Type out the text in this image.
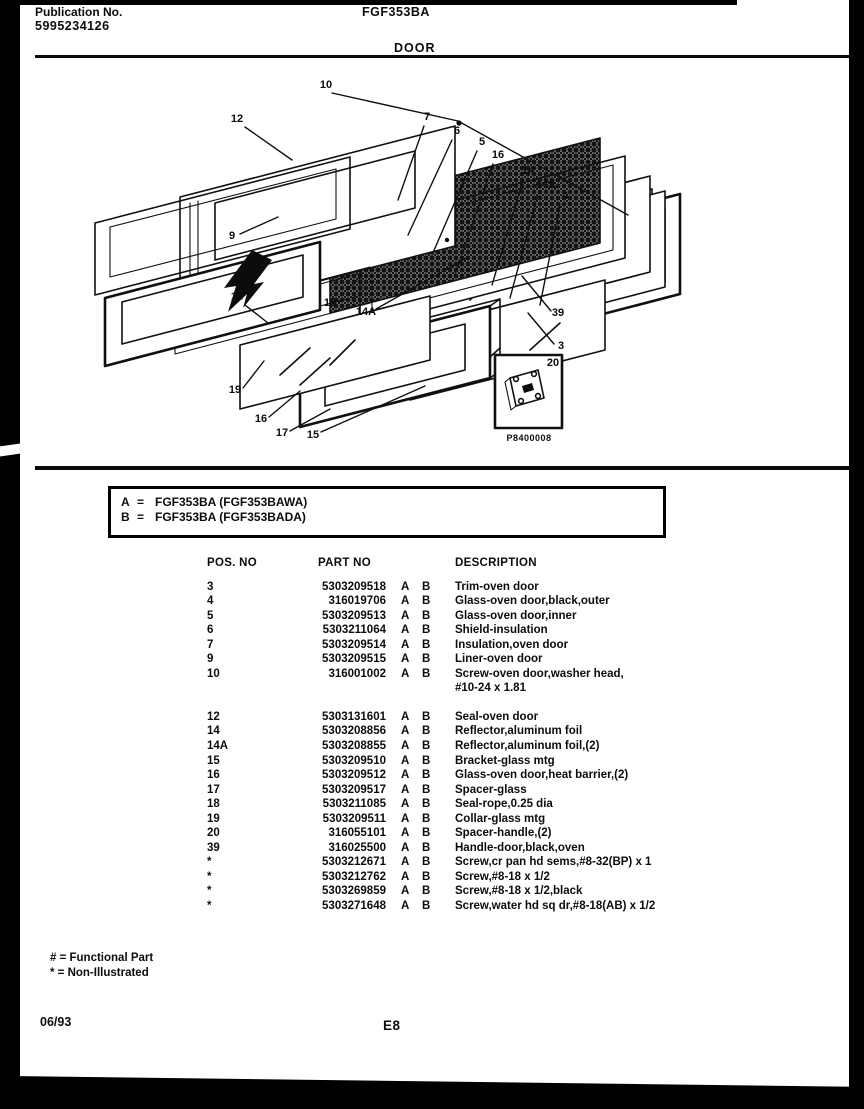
Publication No.
5995234126
FGF353BA
DOOR
P8400008
10
12	7
6
5
16
14
14A
4
9
18	15
14A	39
3
19
16
17 15
20
A = FGF353BA (FGF353BAWA)
B = FGF353BA (FGF353BADA)
POS. NO	PART NO	DESCRIPTION
3	5303209518 A	B	Trim-oven door
4	316019706 A	B	Glass-oven door,black,outer
5	5303209513 A	B	Glass-oven door,inner
6	5303211064 A	B	Shield-insulation
7	5303209514 A	B	Insulation,oven door
9	5303209515 A	B	Liner-oven door
10	316001002 A	B	Screw-oven door,washer head,
#10-24 x 1.81
12	5303131601 A	B	Seal-oven door
14	5303208856 A	B	Reflector,aluminum foil
14A	5303208855 A	B	Reflector,aluminum foil,(2)
15	5303209510 A	B	Bracket-glass mtg
16	5303209512 A	B	Glass-oven door,heat barrier,(2)
17	5303209517 A	B	Spacer-glass
18	5303211085 A	B	Seal-rope,0.25 dia
19	5303209511 A	B	Collar-glass mtg
20	316055101 A	B	Spacer-handle,(2)
39	316025500 A	B	Handle-door,black,oven
*	5303212671 A	B	Screw,cr pan hd sems,#8-32(BP) x 1
*	5303212762 A	B	Screw,#8-18 x 1/2
*	5303269859 A	B	Screw,#8-18 x 1/2,black
*	5303271648 A	B	Screw,water hd sq dr,#8-18(AB) x 1/2
# = Functional Part
* = Non-Illustrated
06/93	E8
